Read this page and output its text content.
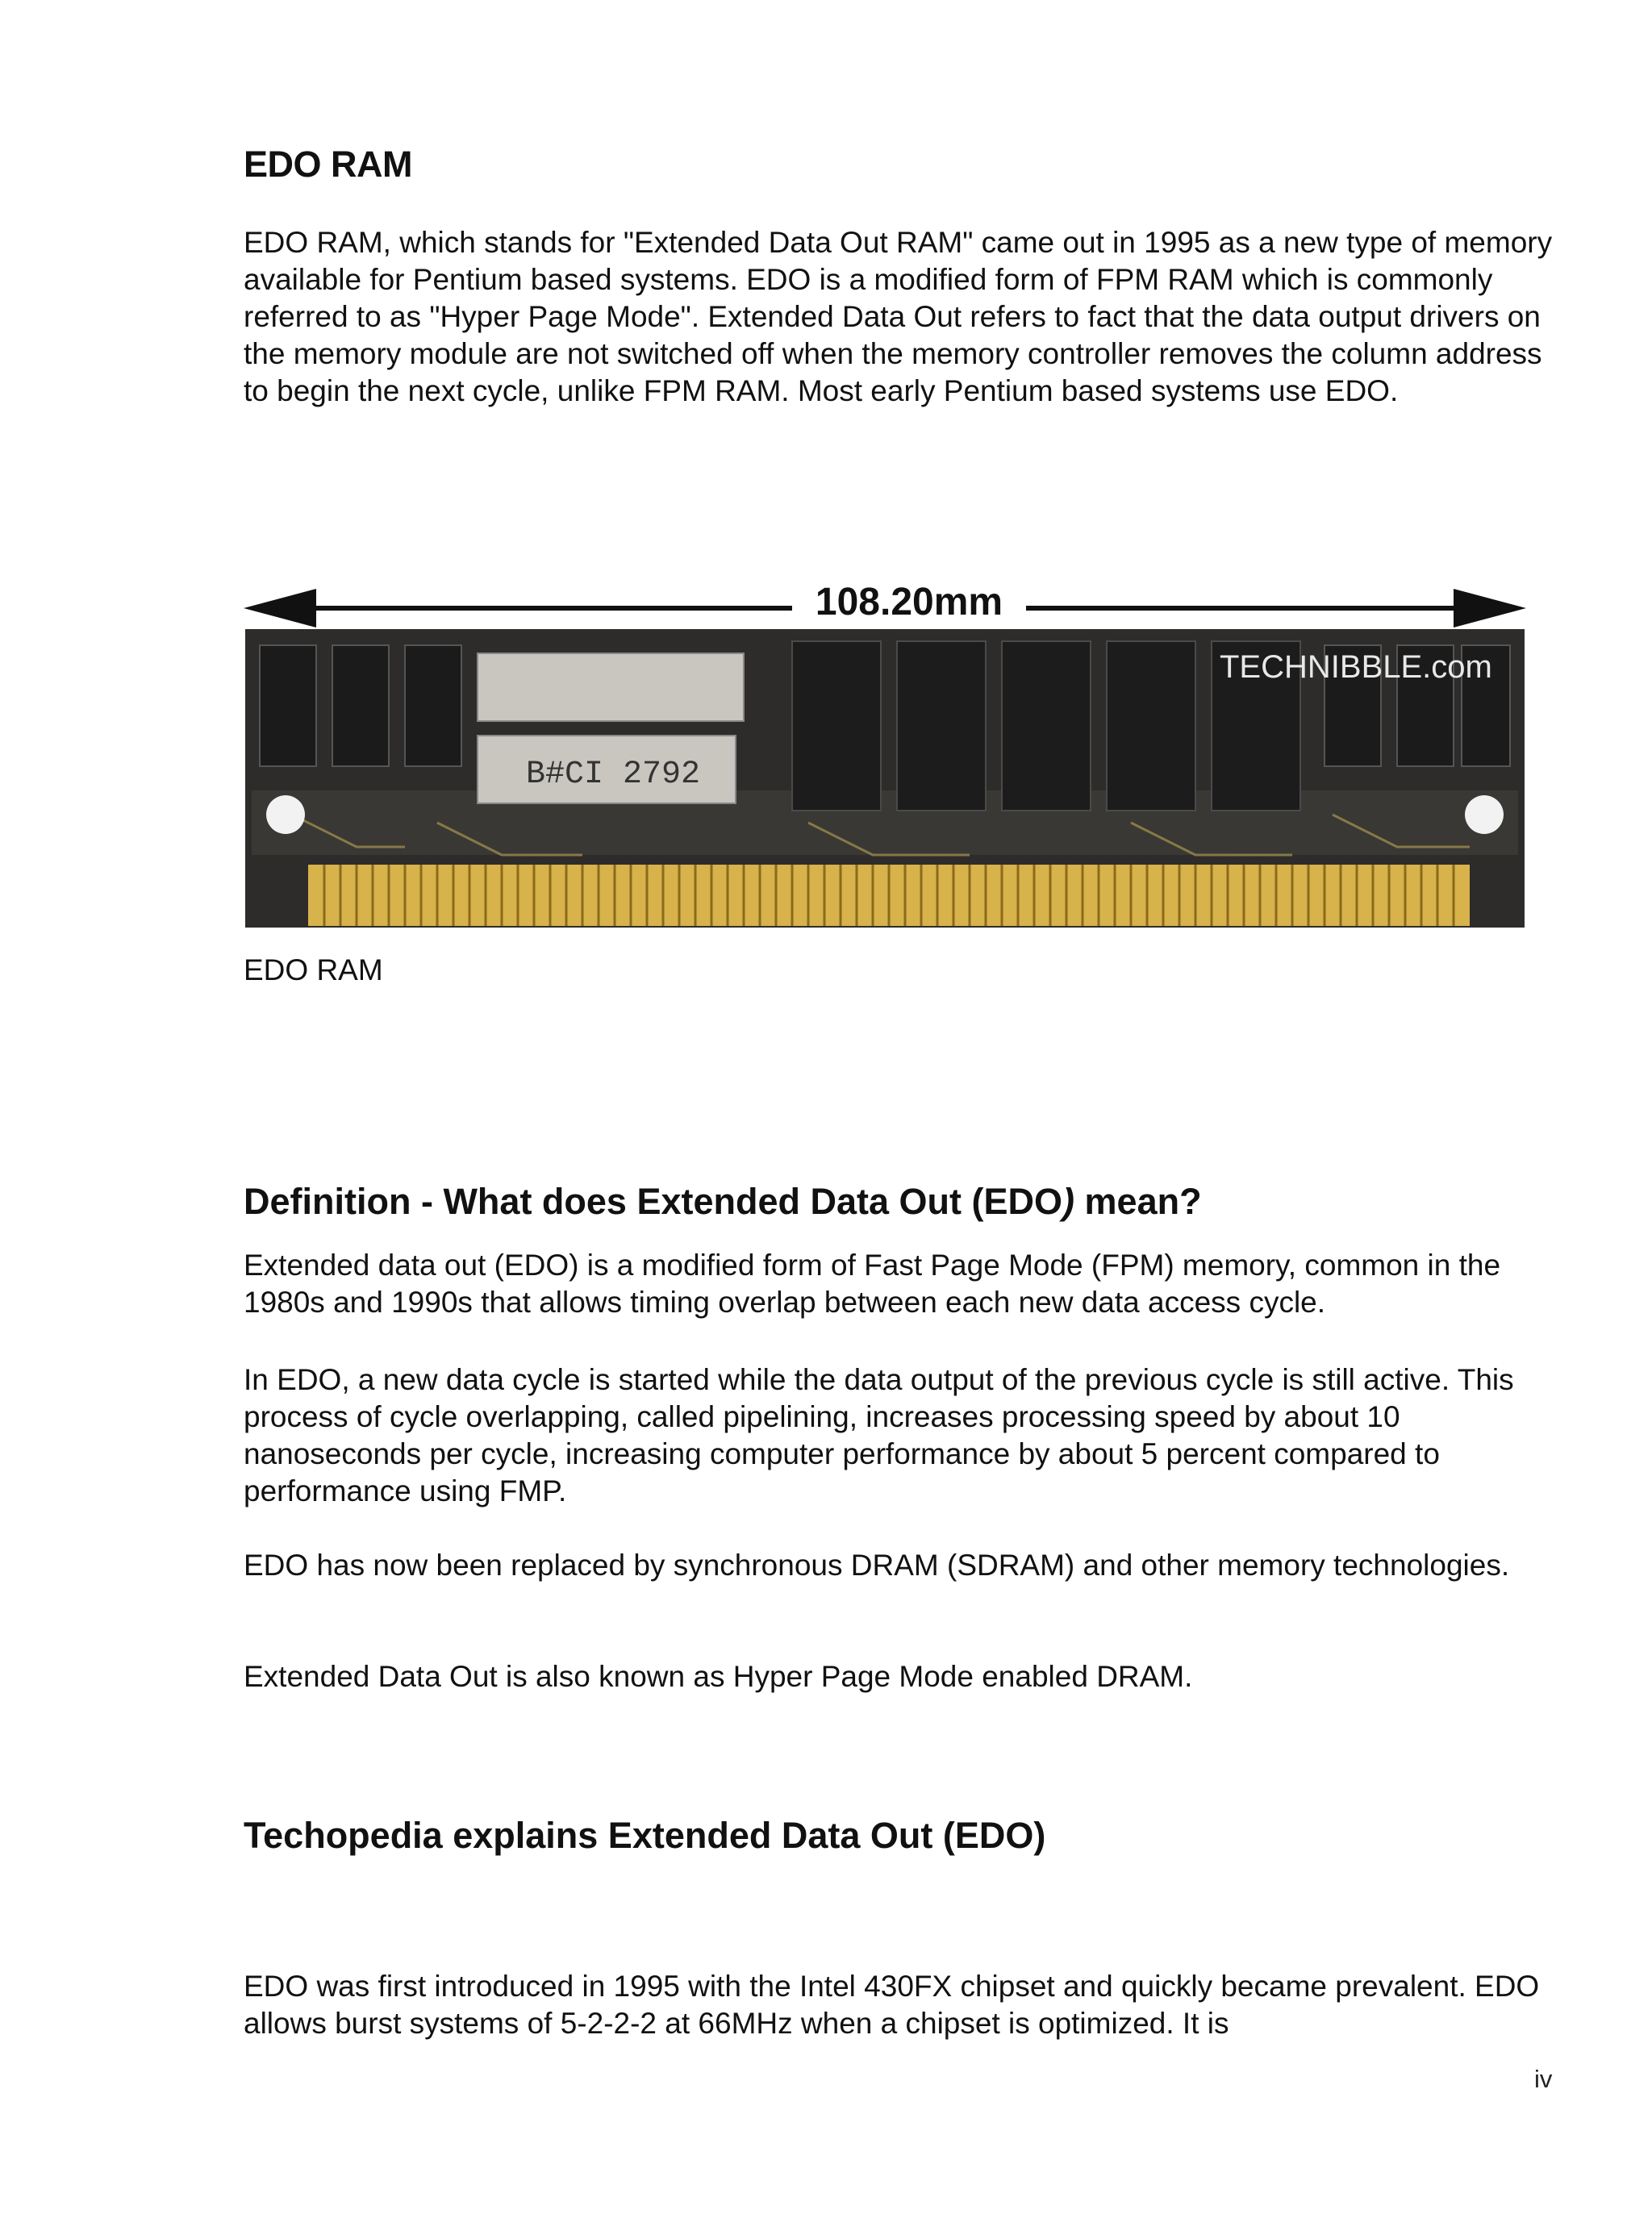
EDO RAM

EDO RAM, which stands for "Extended Data Out RAM" came out in 1995 as a new type of memory available for Pentium based systems. EDO is a modified form of FPM RAM which is commonly referred to as "Hyper Page Mode". Extended Data Out refers to fact that the data output drivers on the memory module are not switched off when the memory controller removes the column address to begin the next cycle, unlike FPM RAM. Most early Pentium based systems use EDO.

108.20mm
B#CI 2792
TECHNIBBLE.com
EDO RAM
Definition - What does Extended Data Out (EDO) mean?

Extended data out (EDO) is a modified form of Fast Page Mode (FPM) memory, common in the 1980s and 1990s that allows timing overlap between each new data access cycle.

In EDO, a new data cycle is started while the data output of the previous cycle is still active. This process of cycle overlapping, called pipelining, increases processing speed by about 10 nanoseconds per cycle, increasing computer performance by about 5 percent compared to performance using FMP.

EDO has now been replaced by synchronous DRAM (SDRAM) and other memory technologies.

Extended Data Out is also known as Hyper Page Mode enabled DRAM.

Techopedia explains Extended Data Out (EDO)

EDO was first introduced in 1995 with the Intel 430FX chipset and quickly became prevalent. EDO allows burst systems of 5-2-2-2 at 66MHz when a chipset is optimized. It is

iv
